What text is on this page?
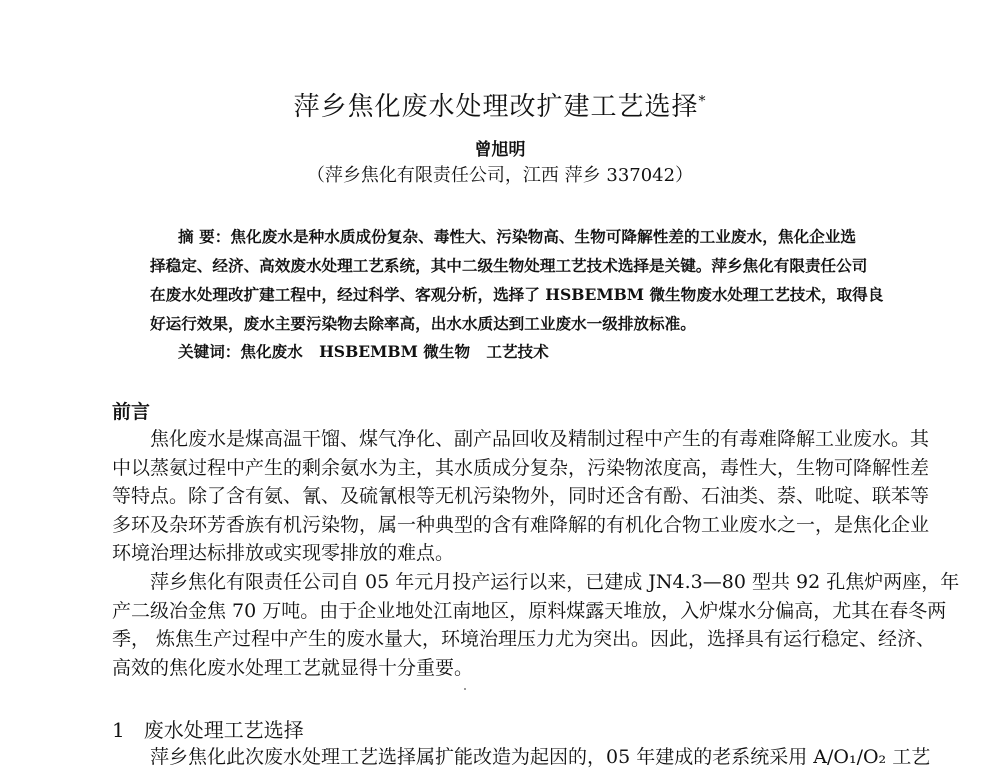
萍乡焦化废水处理改扩建工艺选择*
曾旭明
（萍乡焦化有限责任公司，江西 萍乡 337042）
摘 要：焦化废水是种水质成份复杂、毒性大、污染物高、生物可降解性差的工业废水，焦化企业选
择稳定、经济、高效废水处理工艺系统，其中二级生物处理工艺技术选择是关键。萍乡焦化有限责任公司
在废水处理改扩建工程中，经过科学、客观分析，选择了 HSBEMBM 微生物废水处理工艺技术，取得良
好运行效果，废水主要污染物去除率高，出水水质达到工业废水一级排放标准。
关键词：焦化废水 HSBEMBM 微生物 工艺技术
前言
焦化废水是煤高温干馏、煤气净化、副产品回收及精制过程中产生的有毒难降解工业废水。其
中以蒸氨过程中产生的剩余氨水为主，其水质成分复杂，污染物浓度高，毒性大，生物可降解性差
等特点。除了含有氨、氰、及硫氰根等无机污染物外，同时还含有酚、石油类、萘、吡啶、联苯等
多环及杂环芳香族有机污染物，属一种典型的含有难降解的有机化合物工业废水之一，是焦化企业
环境治理达标排放或实现零排放的难点。
萍乡焦化有限责任公司自 05 年元月投产运行以来，已建成 JN4.3—80 型共 92 孔焦炉两座，年
产二级冶金焦 70 万吨。由于企业地处江南地区，原料煤露天堆放，入炉煤水分偏高，尤其在春冬两
季， 炼焦生产过程中产生的废水量大，环境治理压力尤为突出。因此，选择具有运行稳定、经济、
高效的焦化废水处理工艺就显得十分重要。
1   废水处理工艺选择
萍乡焦化此次废水处理工艺选择属扩能改造为起因的，05 年建成的老系统采用 A/O₁/O₂ 工艺
